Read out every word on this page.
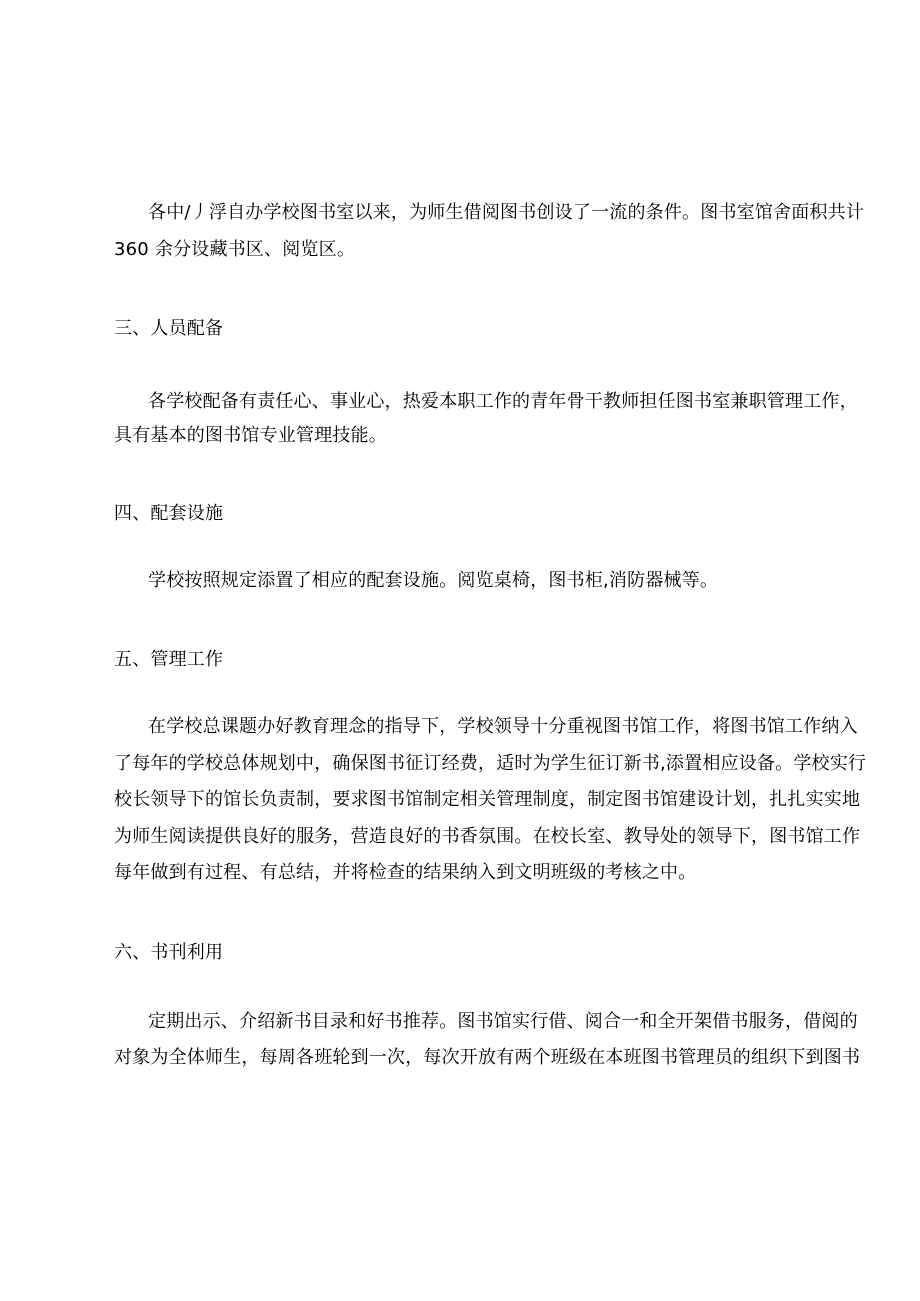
各中/丿浮自办学校图书室以来，为师生借阅图书创设了一流的条件。图书室馆舍面积共计
360 余分设藏书区、阅览区。
三、人员配备
各学校配备有责任心、事业心，热爱本职工作的青年骨干教师担任图书室兼职管理工作，
具有基本的图书馆专业管理技能。
四、配套设施
学校按照规定添置了相应的配套设施。阅览桌椅，图书柜,消防器械等。
五、管理工作
在学校总课题办好教育理念的指导下，学校领导十分重视图书馆工作，将图书馆工作纳入
了每年的学校总体规划中，确保图书征订经费，适时为学生征订新书,添置相应设备。学校实行
校长领导下的馆长负责制，要求图书馆制定相关管理制度，制定图书馆建设计划，扎扎实实地
为师生阅读提供良好的服务，营造良好的书香氛围。在校长室、教导处的领导下，图书馆工作
每年做到有过程、有总结，并将检查的结果纳入到文明班级的考核之中。
六、书刊利用
定期出示、介绍新书目录和好书推荐。图书馆实行借、阅合一和全开架借书服务，借阅的
对象为全体师生，每周各班轮到一次，每次开放有两个班级在本班图书管理员的组织下到图书
